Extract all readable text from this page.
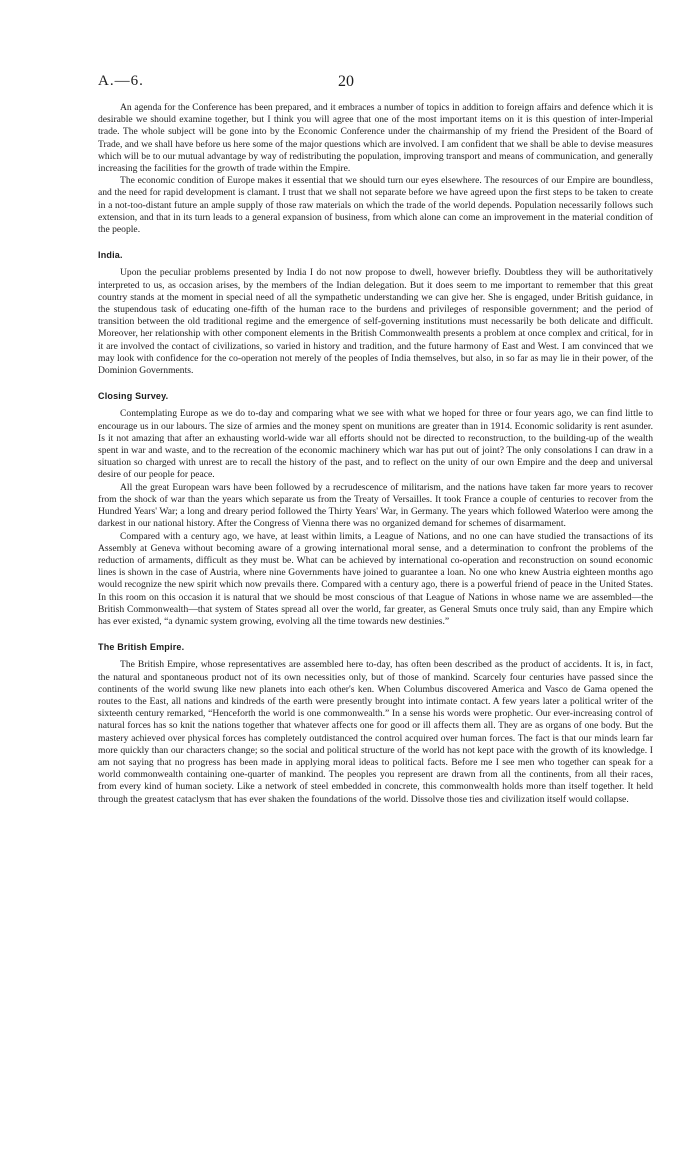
A.—6.	20

An agenda for the Conference has been prepared, and it embraces a number of topics in addition to foreign affairs and defence which it is desirable we should examine together, but I think you will agree that one of the most important items on it is this question of inter-Imperial trade. The whole subject will be gone into by the Economic Conference under the chairmanship of my friend the President of the Board of Trade, and we shall have before us here some of the major questions which are involved. I am confident that we shall be able to devise measures which will be to our mutual advantage by way of redistributing the population, improving transport and means of communication, and generally increasing the facilities for the growth of trade within the Empire.

The economic condition of Europe makes it essential that we should turn our eyes elsewhere. The resources of our Empire are boundless, and the need for rapid development is clamant. I trust that we shall not separate before we have agreed upon the first steps to be taken to create in a not-too-distant future an ample supply of those raw materials on which the trade of the world depends. Population necessarily follows such extension, and that in its turn leads to a general expansion of business, from which alone can come an improvement in the material condition of the people.

India.

Upon the peculiar problems presented by India I do not now propose to dwell, however briefly. Doubtless they will be authoritatively interpreted to us, as occasion arises, by the members of the Indian delegation. But it does seem to me important to remember that this great country stands at the moment in special need of all the sympathetic understanding we can give her. She is engaged, under British guidance, in the stupendous task of educating one-fifth of the human race to the burdens and privileges of responsible government; and the period of transition between the old traditional regime and the emergence of self-governing institutions must necessarily be both delicate and difficult. Moreover, her relationship with other component elements in the British Commonwealth presents a problem at once complex and critical, for in it are involved the contact of civilizations, so varied in history and tradition, and the future harmony of East and West. I am convinced that we may look with confidence for the co-operation not merely of the peoples of India themselves, but also, in so far as may lie in their power, of the Dominion Governments.

Closing Survey.

Contemplating Europe as we do to-day and comparing what we see with what we hoped for three or four years ago, we can find little to encourage us in our labours. The size of armies and the money spent on munitions are greater than in 1914. Economic solidarity is rent asunder. Is it not amazing that after an exhausting world-wide war all efforts should not be directed to reconstruction, to the building-up of the wealth spent in war and waste, and to the recreation of the economic machinery which war has put out of joint? The only consolations I can draw in a situation so charged with unrest are to recall the history of the past, and to reflect on the unity of our own Empire and the deep and universal desire of our people for peace.

All the great European wars have been followed by a recrudescence of militarism, and the nations have taken far more years to recover from the shock of war than the years which separate us from the Treaty of Versailles. It took France a couple of centuries to recover from the Hundred Years' War; a long and dreary period followed the Thirty Years' War, in Germany. The years which followed Waterloo were among the darkest in our national history. After the Congress of Vienna there was no organized demand for schemes of disarmament.

Compared with a century ago, we have, at least within limits, a League of Nations, and no one can have studied the transactions of its Assembly at Geneva without becoming aware of a growing international moral sense, and a determination to confront the problems of the reduction of armaments, difficult as they must be. What can be achieved by international co-operation and reconstruction on sound economic lines is shown in the case of Austria, where nine Governments have joined to guarantee a loan. No one who knew Austria eighteen months ago would recognize the new spirit which now prevails there. Compared with a century ago, there is a powerful friend of peace in the United States. In this room on this occasion it is natural that we should be most conscious of that League of Nations in whose name we are assembled—the British Commonwealth—that system of States spread all over the world, far greater, as General Smuts once truly said, than any Empire which has ever existed, “a dynamic system growing, evolving all the time towards new destinies.”

The British Empire.

The British Empire, whose representatives are assembled here to-day, has often been described as the product of accidents. It is, in fact, the natural and spontaneous product not of its own necessities only, but of those of mankind. Scarcely four centuries have passed since the continents of the world swung like new planets into each other's ken. When Columbus discovered America and Vasco de Gama opened the routes to the East, all nations and kindreds of the earth were presently brought into intimate contact. A few years later a political writer of the sixteenth century remarked, “Henceforth the world is one commonwealth.” In a sense his words were prophetic. Our ever-increasing control of natural forces has so knit the nations together that whatever affects one for good or ill affects them all. They are as organs of one body. But the mastery achieved over physical forces has completely outdistanced the control acquired over human forces. The fact is that our minds learn far more quickly than our characters change; so the social and political structure of the world has not kept pace with the growth of its knowledge. I am not saying that no progress has been made in applying moral ideas to political facts. Before me I see men who together can speak for a world commonwealth containing one-quarter of mankind. The peoples you represent are drawn from all the continents, from all their races, from every kind of human society. Like a network of steel embedded in concrete, this commonwealth holds more than itself together. It held through the greatest cataclysm that has ever shaken the foundations of the world. Dissolve those ties and civilization itself would collapse.
